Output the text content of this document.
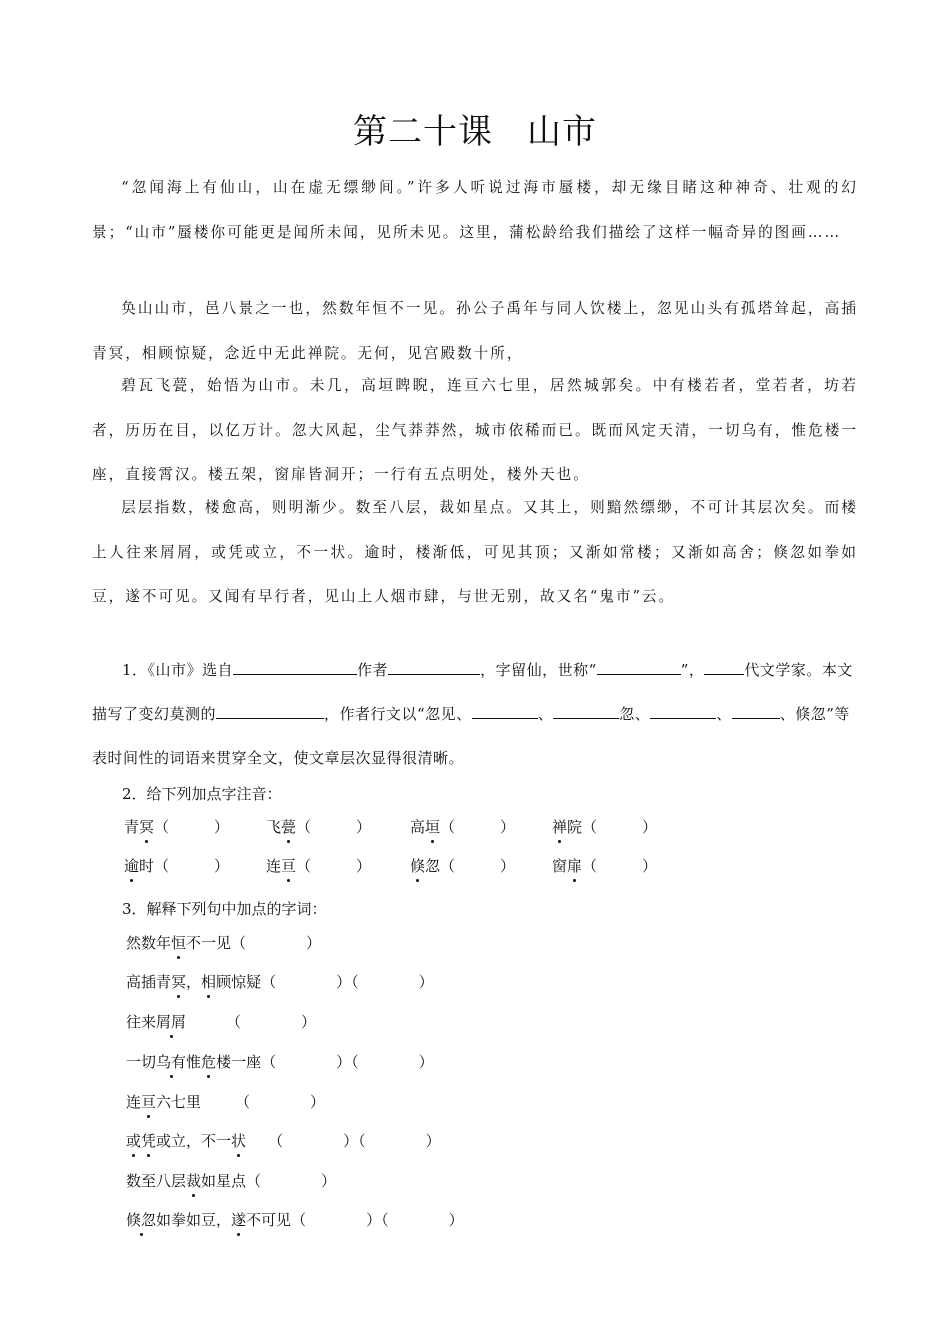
第二十课 山市
“忽闻海上有仙山，山在虚无缥缈间。”许多人听说过海市蜃楼，却无缘目睹这种神奇、壮观的幻景；“山市”蜃楼你可能更是闻所未闻，见所未见。这里，蒲松龄给我们描绘了这样一幅奇异的图画……
奂山山市，邑八景之一也，然数年恒不一见。孙公子禹年与同人饮楼上，忽见山头有孤塔耸起，高插青冥，相顾惊疑，念近中无此禅院。无何，见宫殿数十所，
碧瓦飞甍，始悟为山市。未几，高垣睥睨，连亘六七里，居然城郭矣。中有楼若者，堂若者，坊若者，历历在目，以亿万计。忽大风起，尘气莽莽然，城市依稀而已。既而风定天清，一切乌有，惟危楼一座，直接霄汉。楼五架，窗扉皆洞开；一行有五点明处，楼外天也。
层层指数，楼愈高，则明渐少。数至八层，裁如星点。又其上，则黯然缥缈，不可计其层次矣。而楼上人往来屑屑，或凭或立，不一状。逾时，楼渐低，可见其顶；又渐如常楼；又渐如高舍；倏忽如拳如豆，遂不可见。又闻有早行者，见山上人烟市肆，与世无别，故又名“鬼市”云。
1．《山市》选自	作者	，字留仙，世称“	”，	代文学家。本文描写了变幻莫测的	，作者行文以“忽见、	、	忽、	、	、倏忽”等表时间性的词语来贯穿全文，使文章层次显得很清晰。
2．给下列加点字注音：
青冥（　　　） 飞甍（　　　）	高垣（　　　） 禅院（　　　）
逾时（　　　） 连亘（　　　）	倏忽（　　　） 窗扉（　　　）
3．解释下列句中加点的字词：
然数年恒不一见（　　　　）
高插青冥，相顾惊疑（　　　　）（　　　　）
往来屑屑	（　　　　）
一切乌有惟危楼一座（　　　　）（　　　　）
连亘六七里 （　　　　）
或凭或立，不一状 （　　　　）（　　　　）
数至八层裁如星点（　　　　）
倏忽如拳如豆，遂不可见（　　　　）（　　　　）
